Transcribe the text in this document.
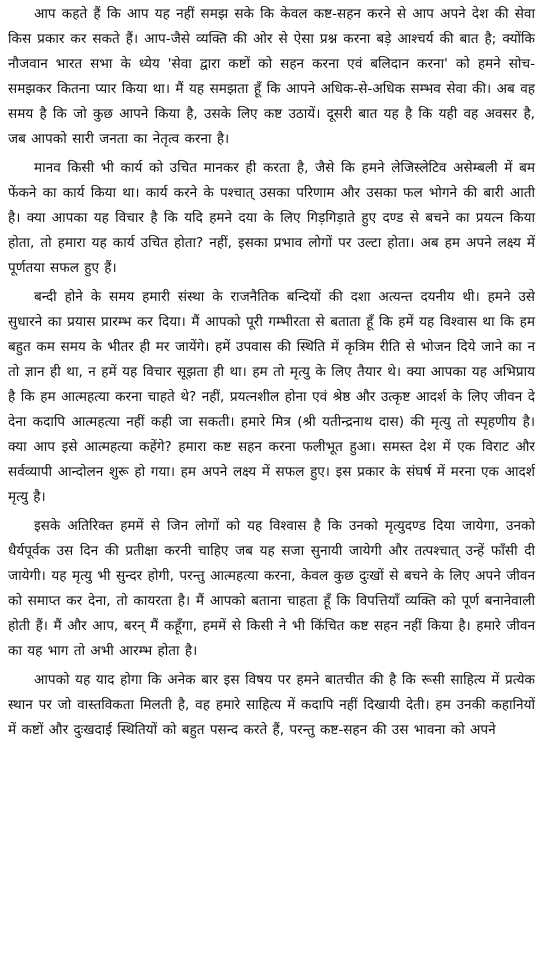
आप कहते हैं कि आप यह नहीं समझ सके कि केवल कष्ट-सहन करने से आप अपने देश की सेवा किस प्रकार कर सकते हैं। आप-जैसे व्यक्ति की ओर से ऐसा प्रश्न करना बड़े आश्चर्य की बात है; क्योंकि नौजवान भारत सभा के ध्येय 'सेवा द्वारा कष्टों को सहन करना एवं बलिदान करना' को हमने सोच-समझकर कितना प्यार किया था। मैं यह समझता हूँ कि आपने अधिक-से-अधिक सम्भव सेवा की। अब वह समय है कि जो कुछ आपने किया है, उसके लिए कष्ट उठायें। दूसरी बात यह है कि यही वह अवसर है, जब आपको सारी जनता का नेतृत्व करना है।

मानव किसी भी कार्य को उचित मानकर ही करता है, जैसे कि हमने लेजिस्लेटिव असेम्बली में बम फेंकने का कार्य किया था। कार्य करने के पश्चात् उसका परिणाम और उसका फल भोगने की बारी आती है। क्या आपका यह विचार है कि यदि हमने दया के लिए गिड़गिड़ाते हुए दण्ड से बचने का प्रयत्न किया होता, तो हमारा यह कार्य उचित होता? नहीं, इसका प्रभाव लोगों पर उल्टा होता। अब हम अपने लक्ष्य में पूर्णतया सफल हुए हैं।

बन्दी होने के समय हमारी संस्था के राजनैतिक बन्दियों की दशा अत्यन्त दयनीय थी। हमने उसे सुधारने का प्रयास प्रारम्भ कर दिया। मैं आपको पूरी गम्भीरता से बताता हूँ कि हमें यह विश्वास था कि हम बहुत कम समय के भीतर ही मर जायेंगे। हमें उपवास की स्थिति में कृत्रिम रीति से भोजन दिये जाने का न तो ज्ञान ही था, न हमें यह विचार सूझता ही था। हम तो मृत्यु के लिए तैयार थे। क्या आपका यह अभिप्राय है कि हम आत्महत्या करना चाहते थे? नहीं, प्रयत्नशील होना एवं श्रेष्ठ और उत्कृष्ट आदर्श के लिए जीवन दे देना कदापि आत्महत्या नहीं कही जा सकती। हमारे मित्र (श्री यतीन्द्रनाथ दास) की मृत्यु तो स्पृहणीय है। क्या आप इसे आत्महत्या कहेंगे? हमारा कष्ट सहन करना फलीभूत हुआ। समस्त देश में एक विराट और सर्वव्यापी आन्दोलन शुरू हो गया। हम अपने लक्ष्य में सफल हुए। इस प्रकार के संघर्ष में मरना एक आदर्श मृत्यु है।

इसके अतिरिक्त हममें से जिन लोगों को यह विश्वास है कि उनको मृत्युदण्ड दिया जायेगा, उनको धैर्यपूर्वक उस दिन की प्रतीक्षा करनी चाहिए जब यह सजा सुनायी जायेगी और तत्पश्चात् उन्हें फाँसी दी जायेगी। यह मृत्यु भी सुन्दर होगी, परन्तु आत्महत्या करना, केवल कुछ दुःखों से बचने के लिए अपने जीवन को समाप्त कर देना, तो कायरता है। मैं आपको बताना चाहता हूँ कि विपत्तियाँ व्यक्ति को पूर्ण बनानेवाली होती हैं। मैं और आप, बरन् मैं कहूँगा, हममें से किसी ने भी किंचित कष्ट सहन नहीं किया है। हमारे जीवन का यह भाग तो अभी आरम्भ होता है।

आपको यह याद होगा कि अनेक बार इस विषय पर हमने बातचीत की है कि रूसी साहित्य में प्रत्येक स्थान पर जो वास्तविकता मिलती है, वह हमारे साहित्य में कदापि नहीं दिखायी देती। हम उनकी कहानियों में कष्टों और दुःखदाई स्थितियों को बहुत पसन्द करते हैं, परन्तु कष्ट-सहन की उस भावना को अपने
